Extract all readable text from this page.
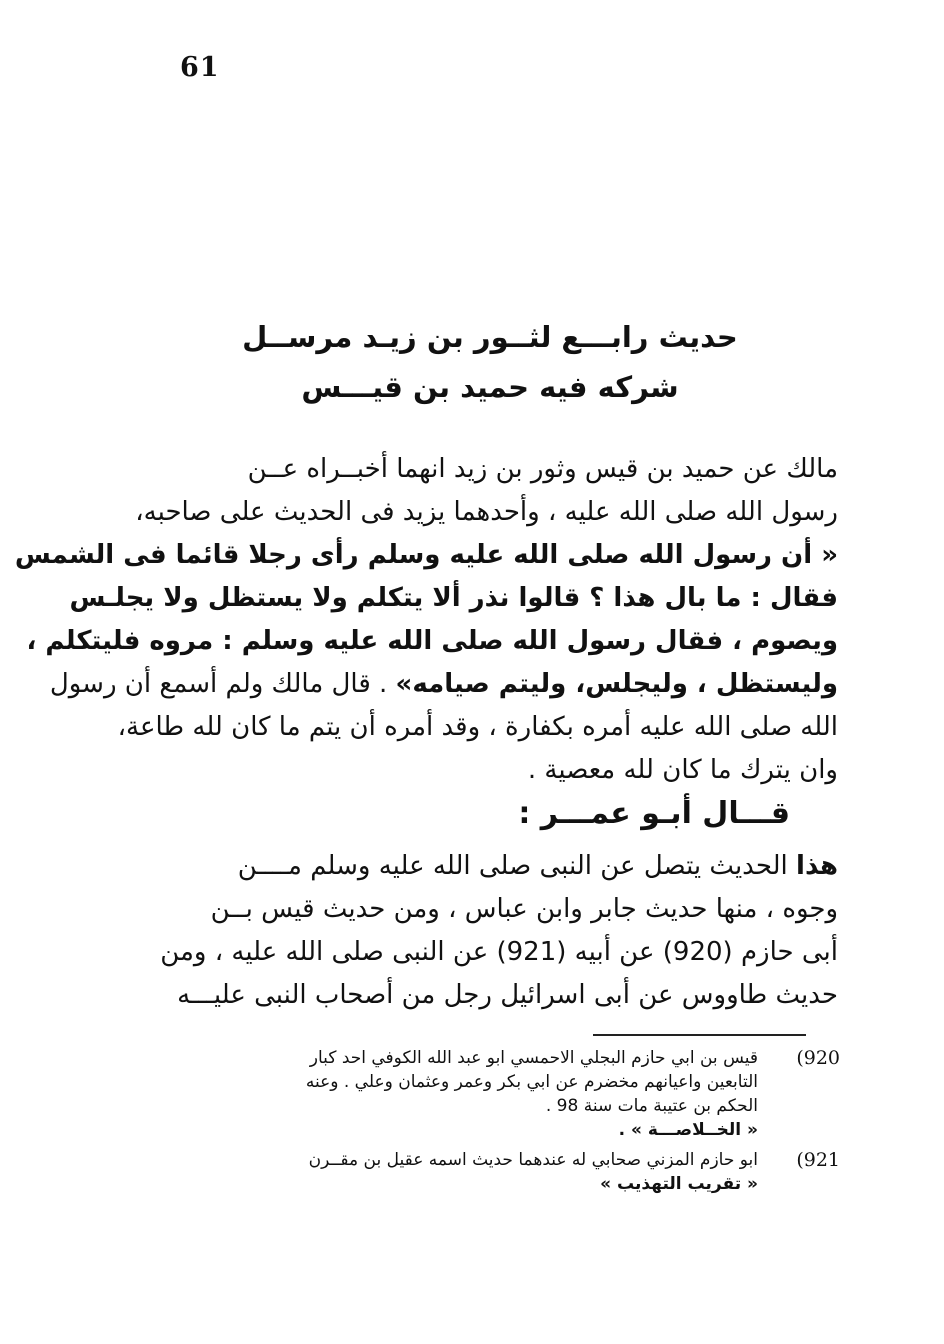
61
حديث رابـــع لثــور بن زيـد مرســل
شركه فيه حميد بن قيـــس
مالك عن حميد بن قيس وثور بن زيد انهما أخبــراه عــن
رسول الله صلى الله عليه ، وأحدهما يزيد فى الحديث على صاحبه،
« أن رسول الله صلى الله عليه وسلم رأى رجلا قائما فى الشمس
فقال : ما بال هذا ؟ قالوا نذر ألا يتكلم ولا يستظل ولا يجلـس
ويصوم ، فقال رسول الله صلى الله عليه وسلم : مروه فليتكلم ،
وليستظل ، وليجلس، وليتم صيامه» . قال مالك ولم أسمع أن رسول
الله صلى الله عليه أمره بكفارة ، وقد أمره أن يتم ما كان لله طاعة،
وان يترك ما كان لله معصية .
قـــال أبـو عمـــر :
هذا الحديث يتصل عن النبى صلى الله عليه وسلم مــــن
وجوه ، منها حديث جابر وابن عباس ، ومن حديث قيس بــن
أبى حازم (920) عن أبيه (921) عن النبى صلى الله عليه ، ومن
حديث طاووس عن أبى اسرائيل رجل من أصحاب النبى عليـــه
(920
قيس بن ابي حازم البجلي الاحمسي ابو عبد الله الكوفي احد كبار
التابعين واعيانهم مخضرم عن ابي بكر وعمر وعثمان وعلي . وعنه
الحكم بن عتيبة مات سنة 98 .
« الخــلاصـــة » .
(921
ابو حازم المزني صحابي له عندهما حديث اسمه عقيل بن مقــرن
« تقريب التهذيب »
